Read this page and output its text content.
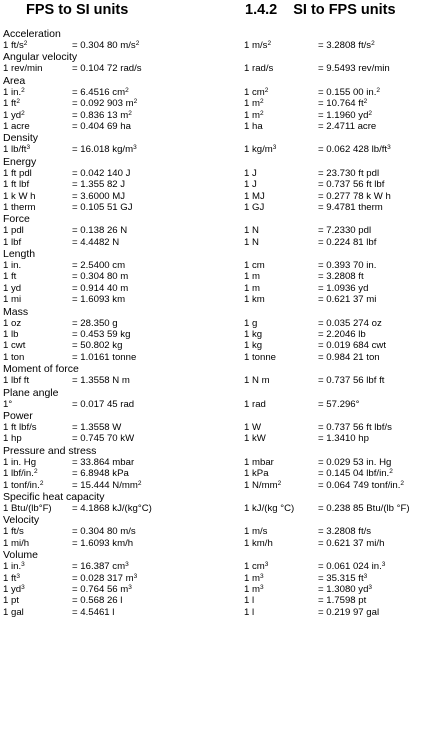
FPS to SI units	1.4.2 SI to FPS units
Acceleration
1 $ft/s^2$	= 0.304 80 $m/s^2$	1 $m/s^2$	= 3.2808 $ft/s^2$
Angular velocity
1 rev/min	= 0.104 72 rad/s	1 rad/s	= 9.5493 rev/min
Area
1 in.$^2$	= 6.4516 $cm^2$	1 $cm^2$	= 0.155 00 in.$^2$
1 $ft^2$	= 0.092 903 $m^2$	1 $m^2$	= 10.764 $ft^2$
1 $yd^2$	= 0.836 13 $m^2$	1 $m^2$	= 1.1960 $yd^2$
1 acre	= 0.404 69 ha	1 ha	= 2.4711 acre
Density
1 $lb/ft^3$	= 16.018 $kg/m^3$	1 $kg/m^3$	= 0.062 428 $lb/ft^3$
Energy
1 ft pdl	= 0.042 140 J	1 J	= 23.730 ft pdl
1 ft lbf	= 1.355 82 J	1 J	= 0.737 56 ft lbf
1 k W h	= 3.6000 MJ	1 MJ	= 0.277 78 k W h
1 therm	= 0.105 51 GJ	1 GJ	= 9.4781 therm
Force
1 pdl	= 0.138 26 N	1 N	= 7.2330 pdl
1 lbf	= 4.4482 N	1 N	= 0.224 81 lbf
Length
1 in.	= 2.5400 cm	1 cm	= 0.393 70 in.
1 ft	= 0.304 80 m	1 m	= 3.2808 ft
1 yd	= 0.914 40 m	1 m	= 1.0936 yd
1 mi	= 1.6093 km	1 km	= 0.621 37 mi
Mass
1 oz	= 28.350 g	1 g	= 0.035 274 oz
1 lb	= 0.453 59 kg	1 kg	= 2.2046 lb
1 cwt	= 50.802 kg	1 kg	= 0.019 684 cwt
1 ton	= 1.0161 tonne	1 tonne	= 0.984 21 ton
Moment of force
1 lbf ft	= 1.3558 N m	1 N m	= 0.737 56 lbf ft
Plane angle
1°	= 0.017 45 rad	1 rad	= 57.296°
Power
1 ft lbf/s	= 1.3558 W	1 W	= 0.737 56 ft lbf/s
1 hp	= 0.745 70 kW	1 kW	= 1.3410 hp
Pressure and stress
1 in. Hg	= 33.864 mbar	1 mbar	= 0.029 53 in. Hg
1 lbf/in.$^2$	= 6.8948 kPa	1 kPa	= 0.145 04 lbf/in.$^2$
1 tonf/in.$^2$	= 15.444 $N/mm^2$	1 $N/mm^2$	= 0.064 749 tonf/in.$^2$
Specific heat capacity
1 Btu/(lb°F) = 4.1868 kJ/(kg°C)	1 kJ/(kg °C) = 0.238 85 Btu/(lb °F)
Velocity
1 ft/s	= 0.304 80 m/s	1 m/s	= 3.2808 ft/s
1 mi/h	= 1.6093 km/h	1 km/h	= 0.621 37 mi/h
Volume
1 in.$^3$	= 16.387 $cm^3$	1 $cm^3$	= 0.061 024 in.$^3$
1 $ft^3$	= 0.028 317 $m^3$	1 $m^3$	= 35.315 $ft^3$
1 $yd^3$	= 0.764 56 $m^3$	1 $m^3$	= 1.3080 $yd^3$
1 pt	= 0.568 26 l	1 l	= 1.7598 pt
1 gal	= 4.5461 l	1 l	= 0.219 97 gal
